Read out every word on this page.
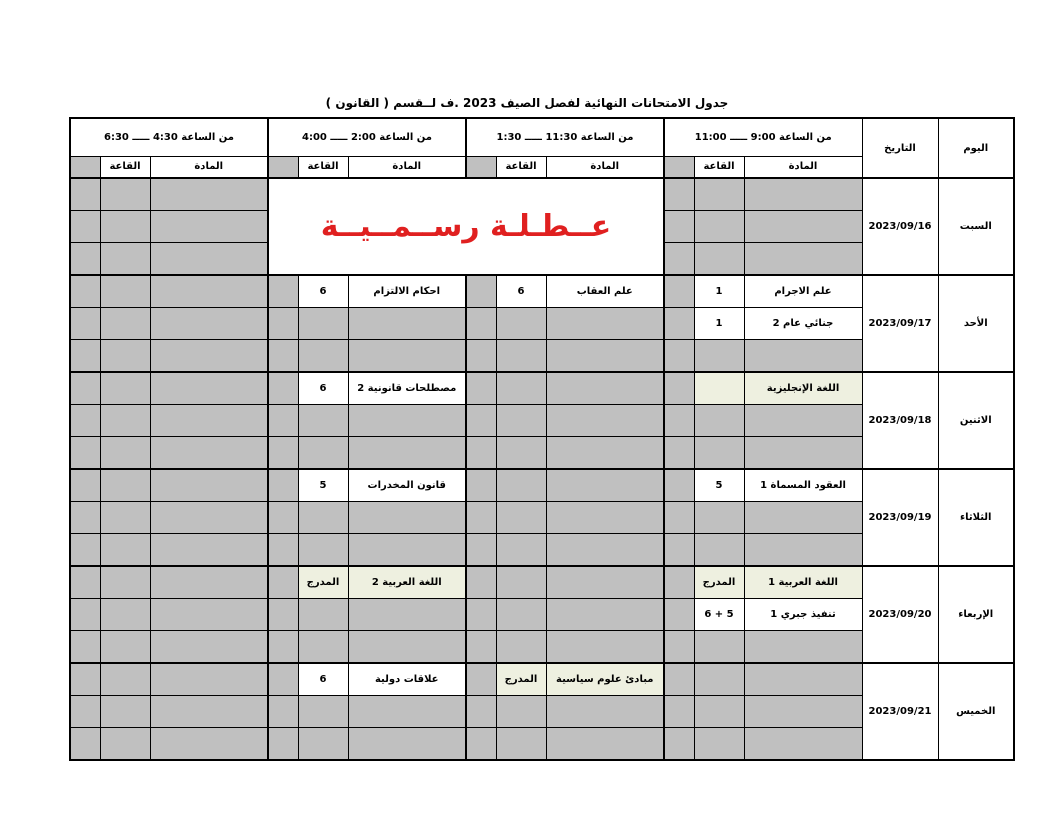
جدول الامتحانات النهائية لفصل الصيف 2023 .ف لــقسم ( القانون )
اليوم	التاريخ	من الساعة 9:00 ـــــ 11:00			من الساعة 11:30 ـــــ 1:30			من الساعة 2:00 ـــــ 4:00			من الساعة 4:30 ـــــ 6:30		
		المادة	القاعة		المادة	القاعة		المادة	القاعة		المادة	القاعة	
السبت	2023/09/16				عــطـلـة رســمــيــة								

الأحد	2023/09/17	علم الاجرام	1		علم العقاب	6		احكام الالتزام	6				
		جنائي عام 2	1										

الاثنين	2023/09/18	اللغة الإنجليزية						مصطلحات قانونية 2	6				

الثلاثاء	2023/09/19	العقود المسماة 1	5					قانون المخدرات	5				

الإربعاء	2023/09/20	اللغة العربية 1	المدرج					اللغة العربية 2	المدرج				
		تنفيذ جبري 1	5 + 6										

الخميس	2023/09/21				مبادئ علوم سياسية	المدرج		علاقات دولية	6				
